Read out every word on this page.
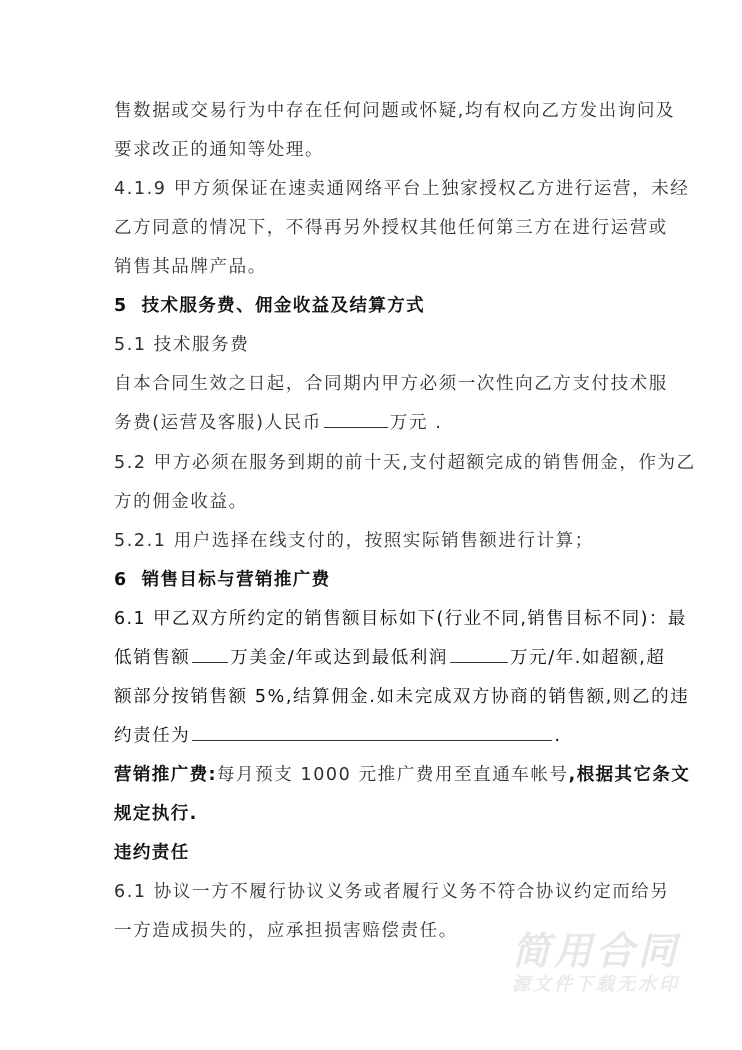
售数据或交易行为中存在任何问题或怀疑,均有权向乙方发出询问及
要求改正的通知等处理。
4.1.9 甲方须保证在速卖通网络平台上独家授权乙方进行运营，未经
乙方同意的情况下，不得再另外授权其他任何第三方在进行运营或
销售其品牌产品。
5 技术服务费、佣金收益及结算方式
5.1 技术服务费
自本合同生效之日起，合同期内甲方必须一次性向乙方支付技术服
务费(运营及客服)人民币	万元 .
5.2 甲方必须在服务到期的前十天,支付超额完成的销售佣金，作为乙
方的佣金收益。
5.2.1 用户选择在线支付的，按照实际销售额进行计算；
6 销售目标与营销推广费
6.1 甲乙双方所约定的销售额目标如下(行业不同,销售目标不同)：最
低销售额 万美金/年或达到最低利润	万元/年.如超额,超
额部分按销售额 5%,结算佣金.如未完成双方协商的销售额,则乙的违
约责任为	.
营销推广费:每月预支 1000 元推广费用至直通车帐号,根据其它条文
规定执行.
违约责任
6.1 协议一方不履行协议义务或者履行义务不符合协议约定而给另
一方造成损失的，应承担损害赔偿责任。	简用合同
源文件下载无水印
